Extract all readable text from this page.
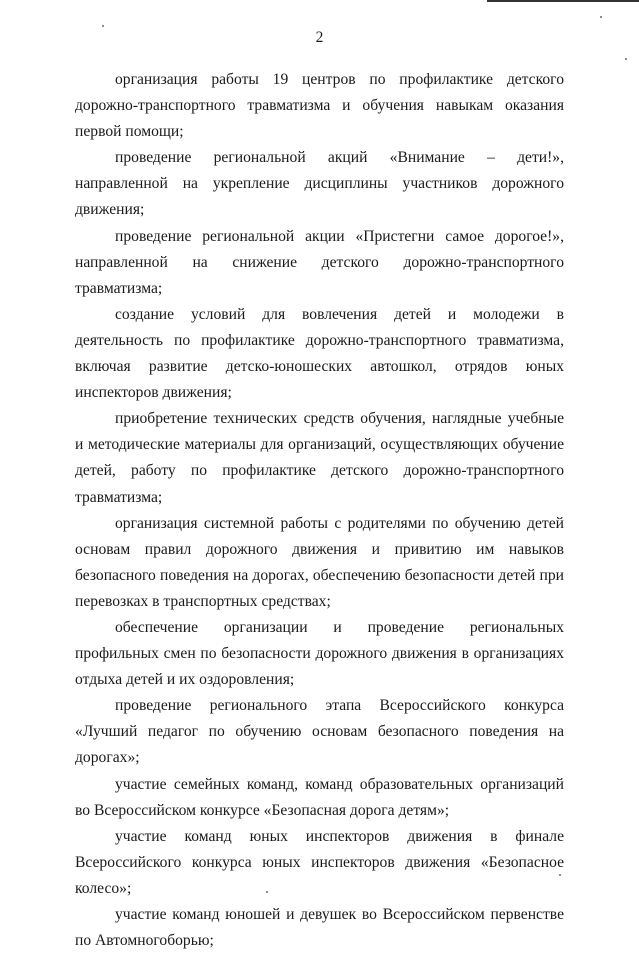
2

организация работы 19 центров по профилактике детского дорожно-транспортного травматизма и обучения навыкам оказания первой помощи;

проведение региональной акций «Внимание – дети!», направленной на укрепление дисциплины участников дорожного движения;

проведение региональной акции «Пристегни самое дорогое!», направленной на снижение детского дорожно-транспортного травматизма;

создание условий для вовлечения детей и молодежи в деятельность по профилактике дорожно-транспортного травматизма, включая развитие детско-юношеских автошкол, отрядов юных инспекторов движения;

приобретение технических средств обучения, наглядные учебные и методические материалы для организаций, осуществляющих обучение детей, работу по профилактике детского дорожно-транспортного травматизма;

организация системной работы с родителями по обучению детей основам правил дорожного движения и привитию им навыков безопасного поведения на дорогах, обеспечению безопасности детей при перевозках в транспортных средствах;

обеспечение организации и проведение региональных профильных смен по безопасности дорожного движения в организациях отдыха детей и их оздоровления;

проведение регионального этапа Всероссийского конкурса «Лучший педагог по обучению основам безопасного поведения на дорогах»;

участие семейных команд, команд образовательных организаций во Всероссийском конкурсе «Безопасная дорога детям»;

участие команд юных инспекторов движения в финале Всероссийского конкурса юных инспекторов движения «Безопасное колесо»;

участие команд юношей и девушек во Всероссийском первенстве по Автомногоборью;
